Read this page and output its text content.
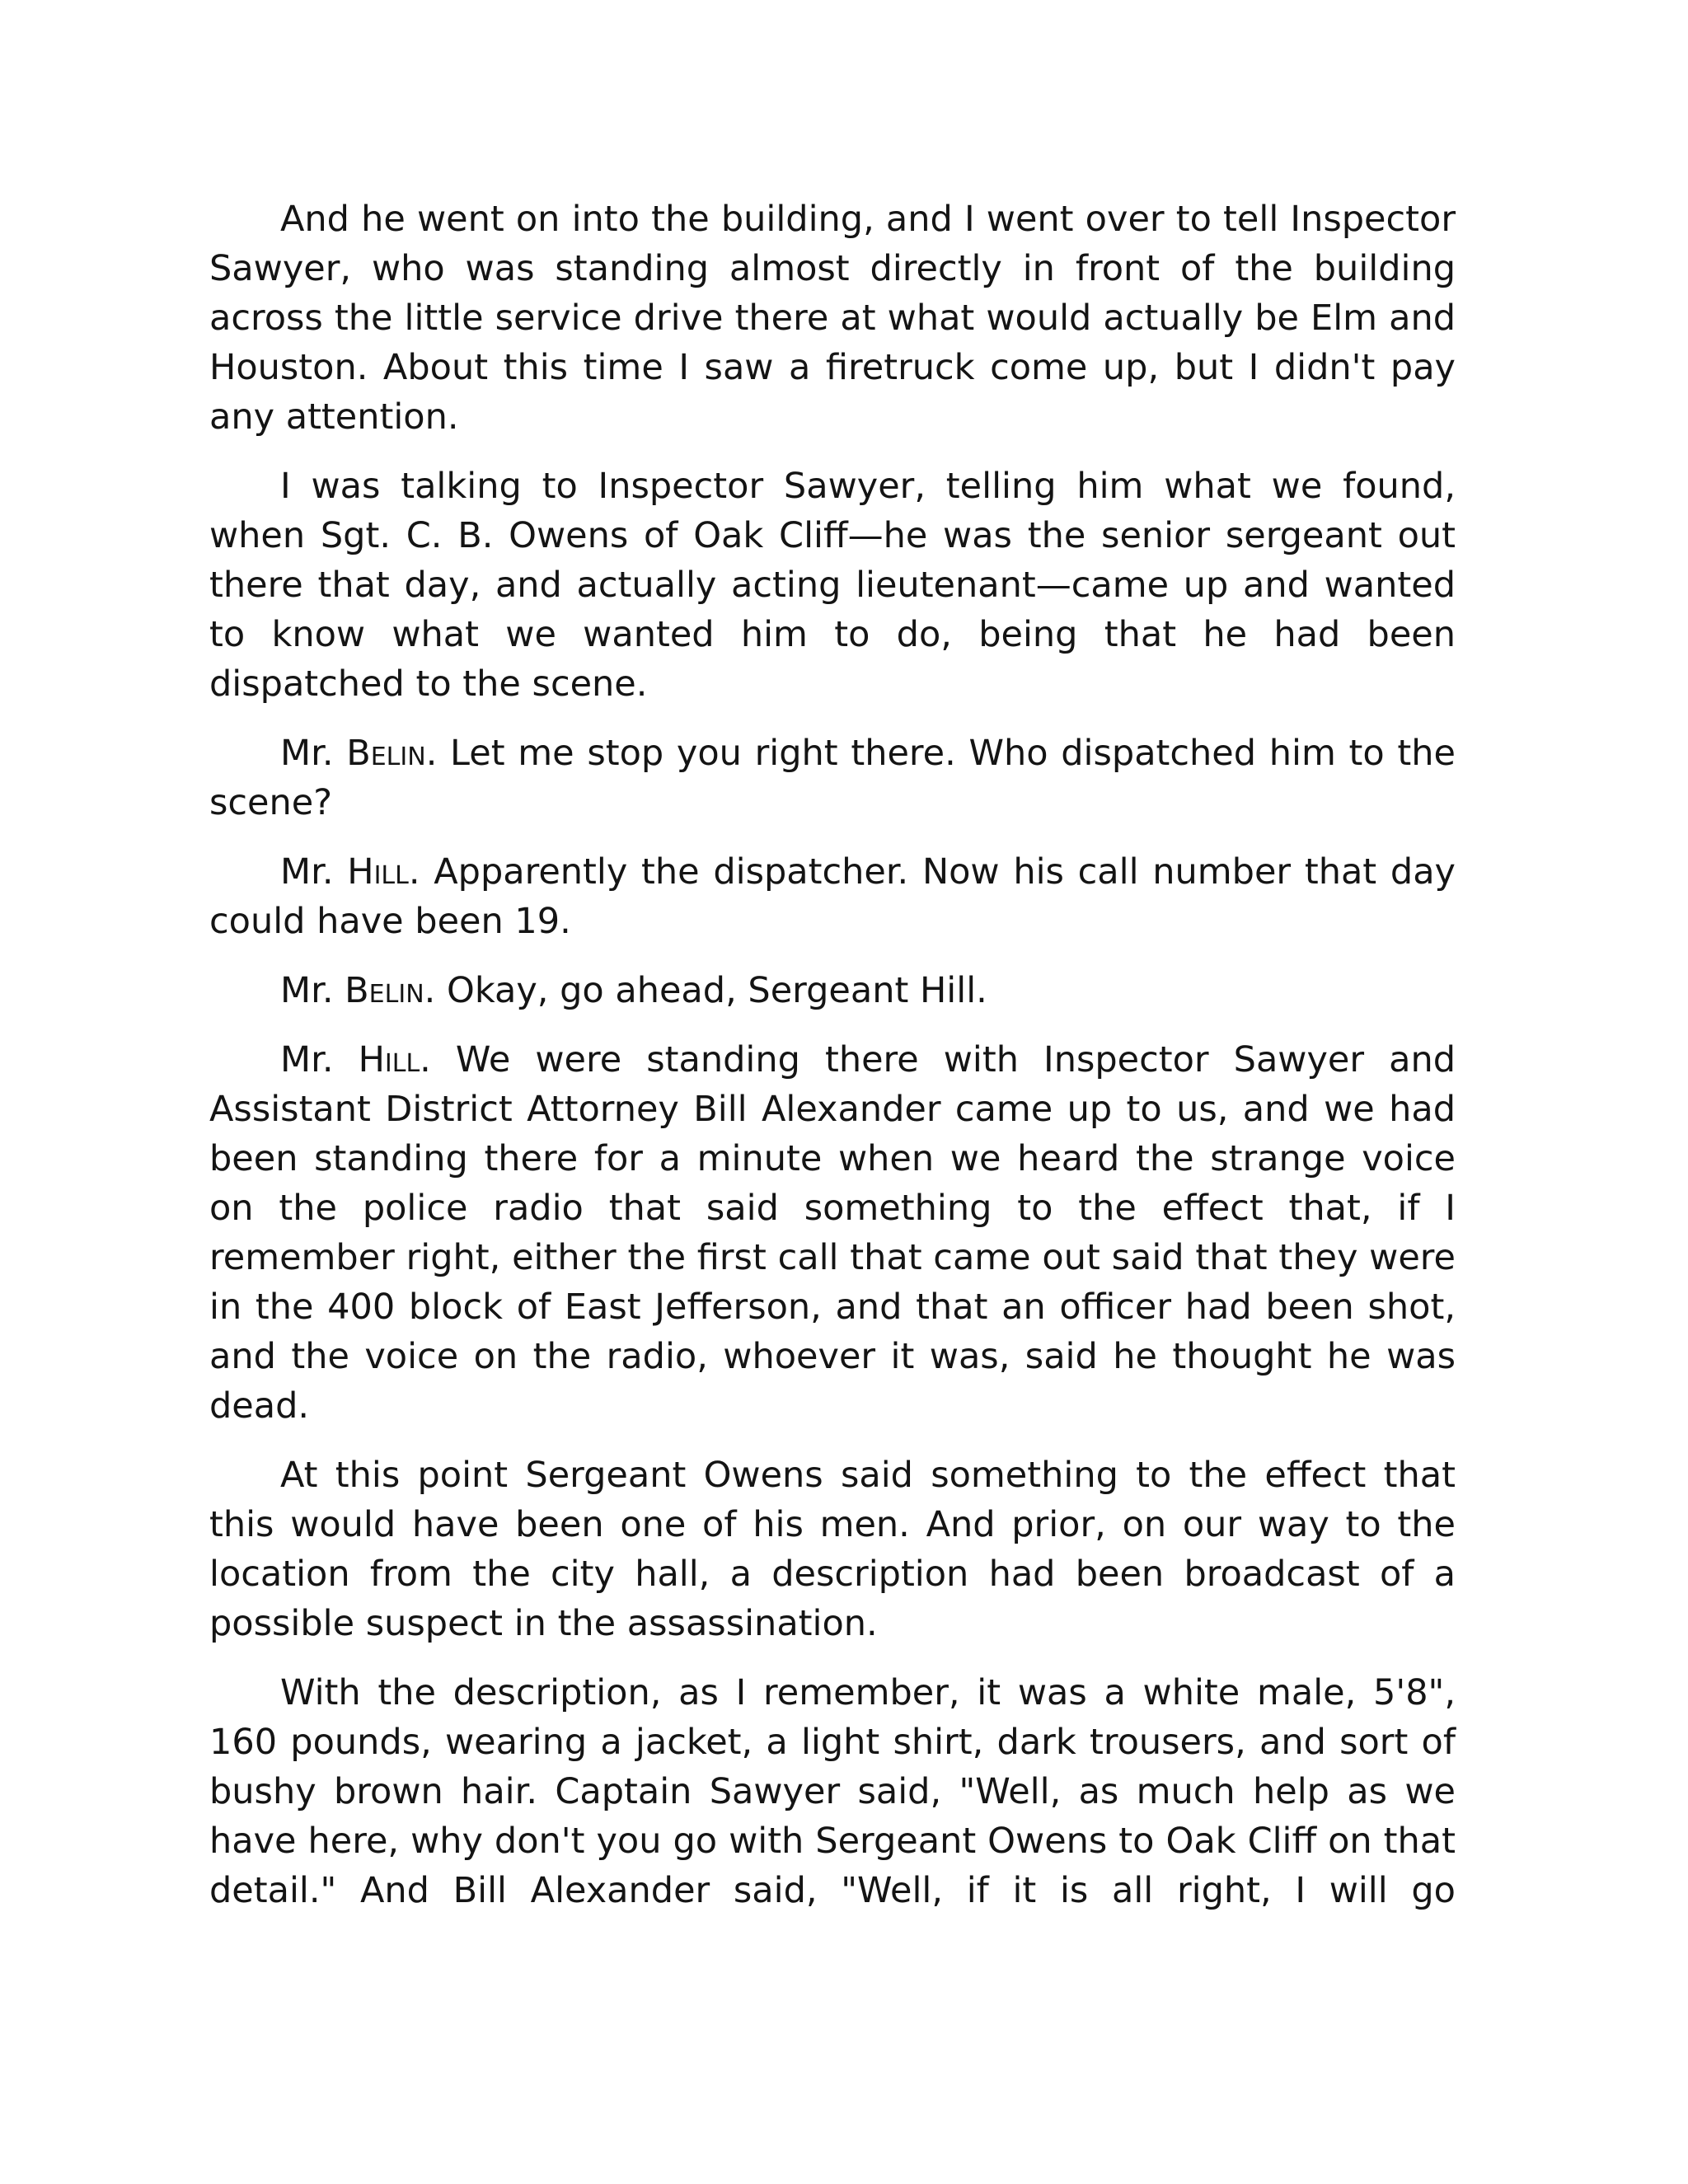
And he went on into the building, and I went over to tell Inspector Sawyer, who was standing almost directly in front of the building across the little service drive there at what would actually be Elm and Houston. About this time I saw a firetruck come up, but I didn't pay any attention.

I was talking to Inspector Sawyer, telling him what we found, when Sgt. C. B. Owens of Oak Cliff—he was the senior sergeant out there that day, and actually acting lieutenant—came up and wanted to know what we wanted him to do, being that he had been dispatched to the scene.

Mr. Belin. Let me stop you right there. Who dispatched him to the scene?

Mr. Hill. Apparently the dispatcher. Now his call number that day could have been 19.

Mr. Belin. Okay, go ahead, Sergeant Hill.

Mr. Hill. We were standing there with Inspector Sawyer and Assistant District Attorney Bill Alexander came up to us, and we had been standing there for a minute when we heard the strange voice on the police radio that said something to the effect that, if I remember right, either the first call that came out said that they were in the 400 block of East Jefferson, and that an officer had been shot, and the voice on the radio, whoever it was, said he thought he was dead.

At this point Sergeant Owens said something to the effect that this would have been one of his men. And prior, on our way to the location from the city hall, a description had been broadcast of a possible suspect in the assassination.

With the description, as I remember, it was a white male, 5'8", 160 pounds, wearing a jacket, a light shirt, dark trousers, and sort of bushy brown hair. Captain Sawyer said, "Well, as much help as we have here, why don't you go with Sergeant Owens to Oak Cliff on that detail." And Bill Alexander said, "Well, if it is all right, I will go
